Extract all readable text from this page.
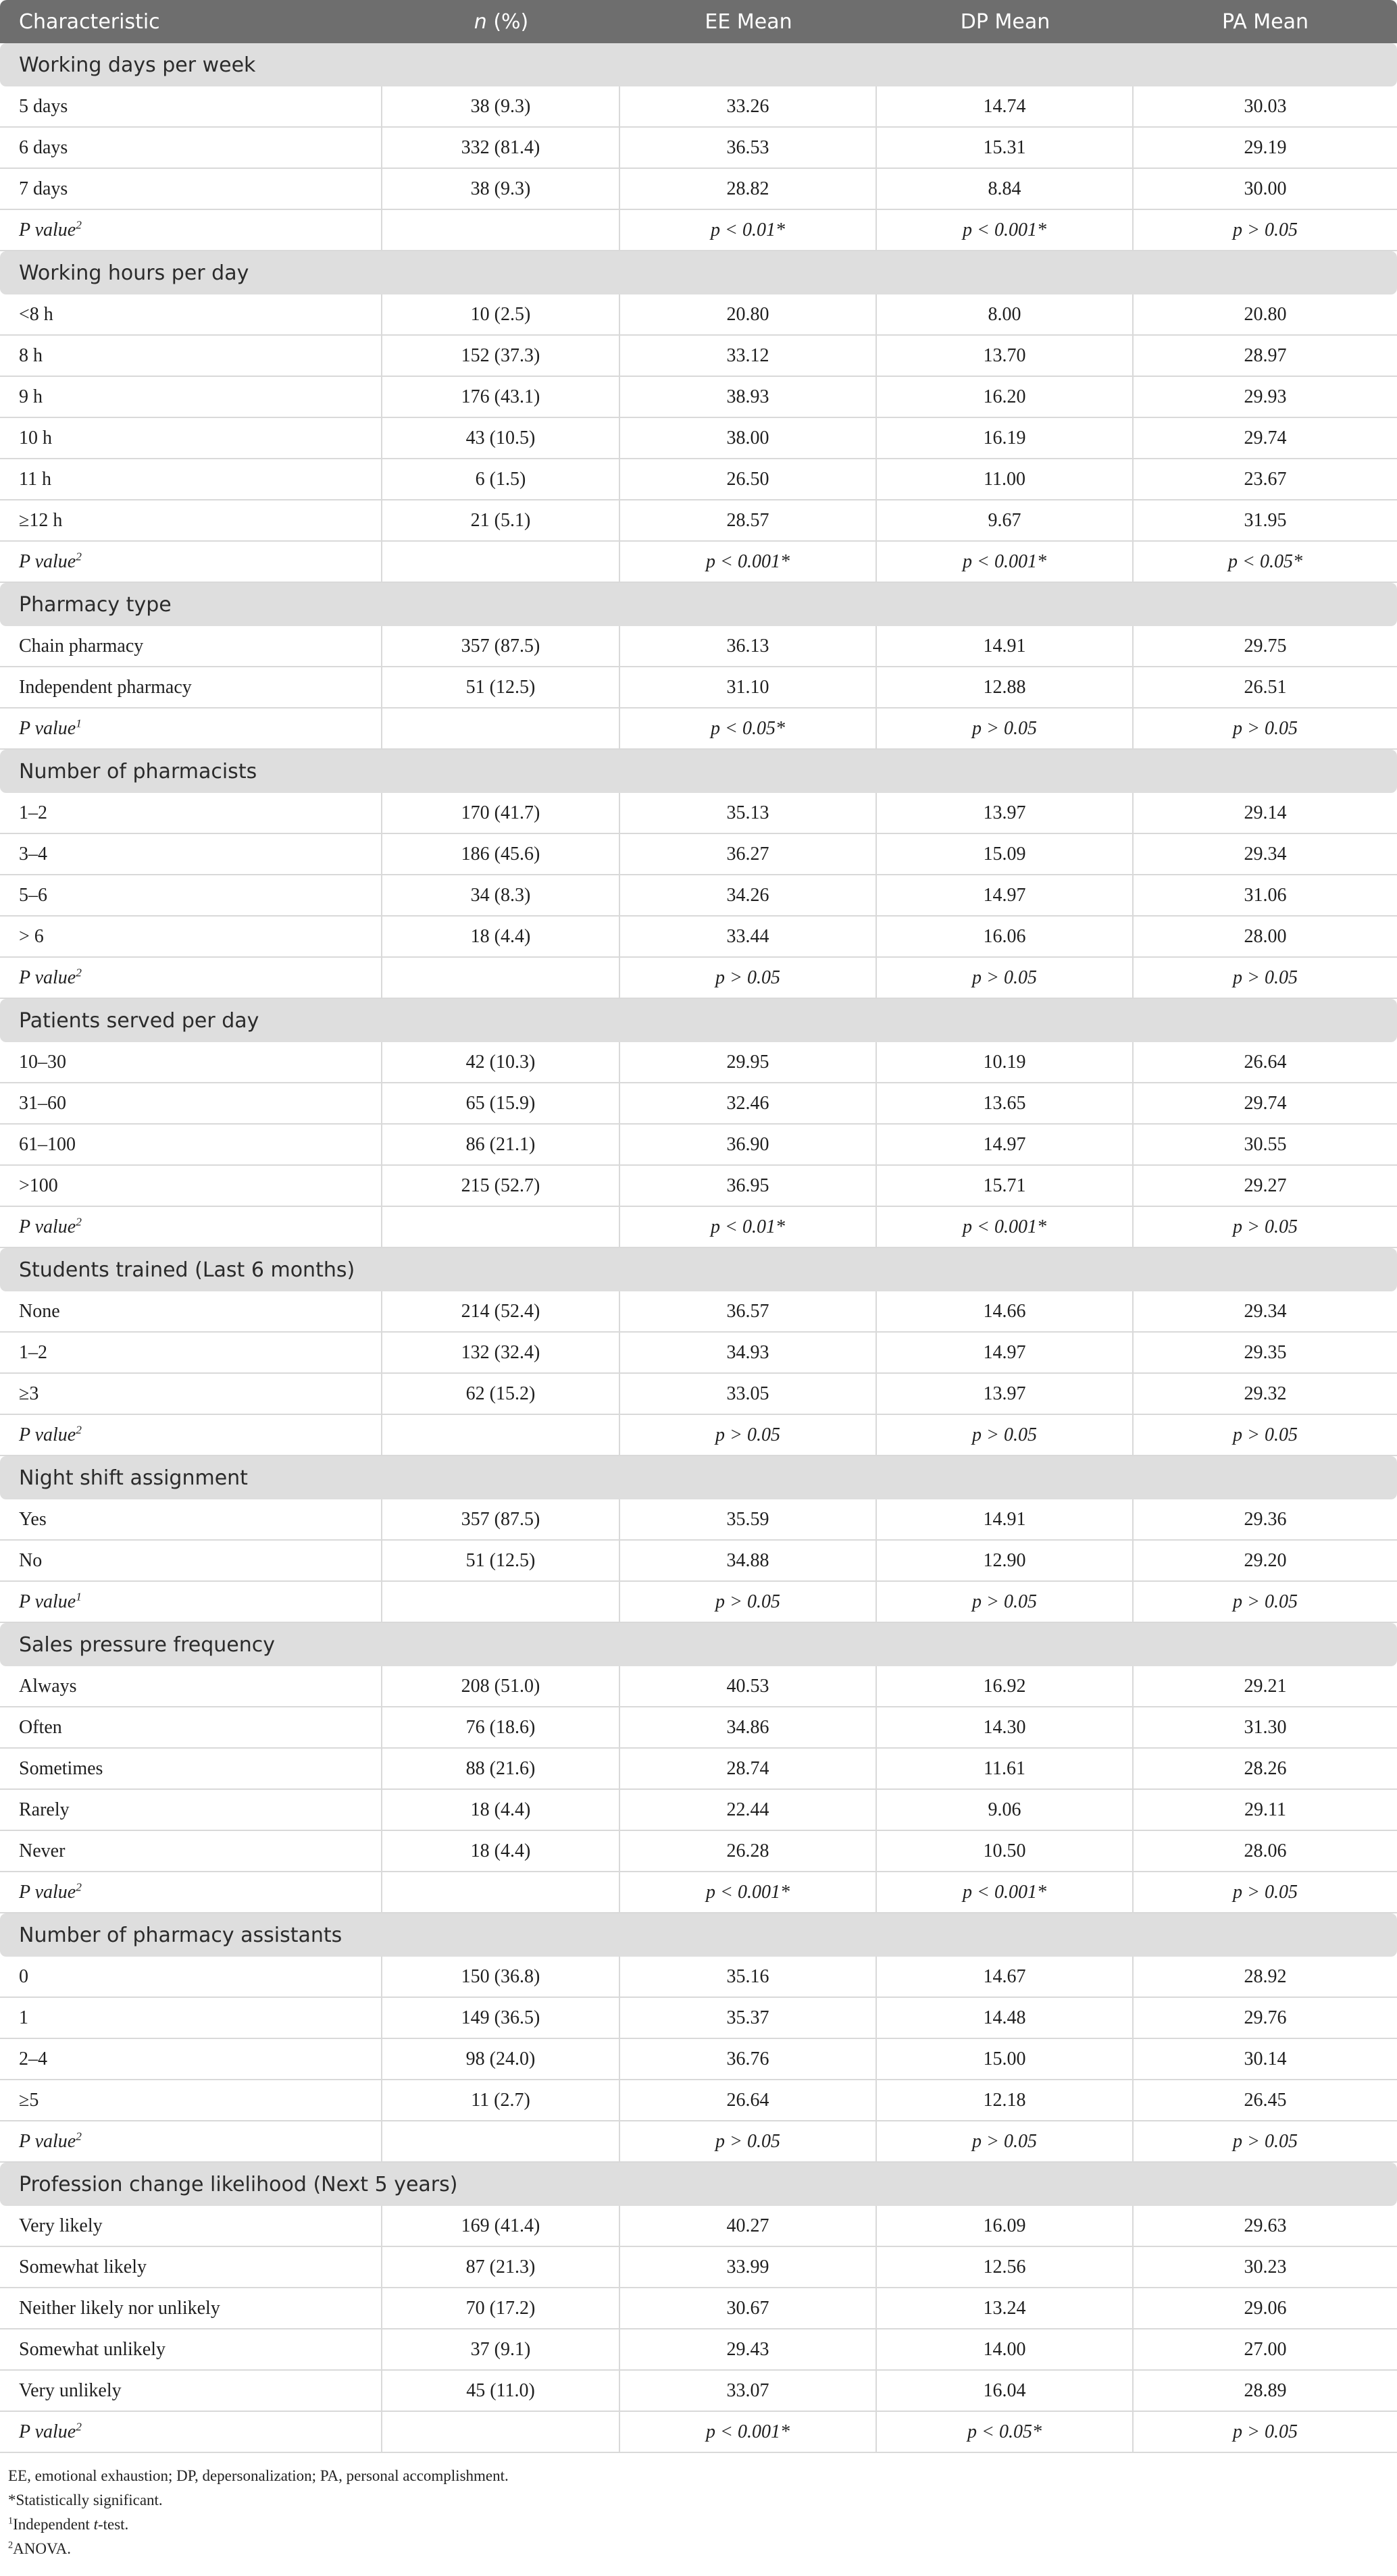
Characteristic	n (%)	EE Mean	DP Mean	PA Mean
Working days per week				
5 days	38 (9.3)	33.26	14.74	30.03
6 days	332 (81.4)	36.53	15.31	29.19
7 days	38 (9.3)	28.82	8.84	30.00
P value$^2$		p < 0.01*	p < 0.001*	p > 0.05
Working hours per day				
<8 h	10 (2.5)	20.80	8.00	20.80
8 h	152 (37.3)	33.12	13.70	28.97
9 h	176 (43.1)	38.93	16.20	29.93
10 h	43 (10.5)	38.00	16.19	29.74
11 h	6 (1.5)	26.50	11.00	23.67
≥12 h	21 (5.1)	28.57	9.67	31.95
P value$^2$		p < 0.001*	p < 0.001*	p < 0.05*
Pharmacy type				
Chain pharmacy	357 (87.5)	36.13	14.91	29.75
Independent pharmacy	51 (12.5)	31.10	12.88	26.51
P value$^1$		p < 0.05*	p > 0.05	p > 0.05
Number of pharmacists				
1–2	170 (41.7)	35.13	13.97	29.14
3–4	186 (45.6)	36.27	15.09	29.34
5–6	34 (8.3)	34.26	14.97	31.06
> 6	18 (4.4)	33.44	16.06	28.00
P value$^2$		p > 0.05	p > 0.05	p > 0.05
Patients served per day				
10–30	42 (10.3)	29.95	10.19	26.64
31–60	65 (15.9)	32.46	13.65	29.74
61–100	86 (21.1)	36.90	14.97	30.55
>100	215 (52.7)	36.95	15.71	29.27
P value$^2$		p < 0.01*	p < 0.001*	p > 0.05
Students trained (Last 6 months)				
None	214 (52.4)	36.57	14.66	29.34
1–2	132 (32.4)	34.93	14.97	29.35
≥3	62 (15.2)	33.05	13.97	29.32
P value$^2$		p > 0.05	p > 0.05	p > 0.05
Night shift assignment				
Yes	357 (87.5)	35.59	14.91	29.36
No	51 (12.5)	34.88	12.90	29.20
P value$^1$		p > 0.05	p > 0.05	p > 0.05
Sales pressure frequency				
Always	208 (51.0)	40.53	16.92	29.21
Often	76 (18.6)	34.86	14.30	31.30
Sometimes	88 (21.6)	28.74	11.61	28.26
Rarely	18 (4.4)	22.44	9.06	29.11
Never	18 (4.4)	26.28	10.50	28.06
P value$^2$		p < 0.001*	p < 0.001*	p > 0.05
Number of pharmacy assistants				
0	150 (36.8)	35.16	14.67	28.92
1	149 (36.5)	35.37	14.48	29.76
2–4	98 (24.0)	36.76	15.00	30.14
≥5	11 (2.7)	26.64	12.18	26.45
P value$^2$		p > 0.05	p > 0.05	p > 0.05
Profession change likelihood (Next 5 years)				
Very likely	169 (41.4)	40.27	16.09	29.63
Somewhat likely	87 (21.3)	33.99	12.56	30.23
Neither likely nor unlikely	70 (17.2)	30.67	13.24	29.06
Somewhat unlikely	37 (9.1)	29.43	14.00	27.00
Very unlikely	45 (11.0)	33.07	16.04	28.89
P value$^2$		p < 0.001*	p < 0.05*	p > 0.05
EE, emotional exhaustion; DP, depersonalization; PA, personal accomplishment.
*Statistically significant.
$^1$Independent t-test.
$^2$ANOVA.
